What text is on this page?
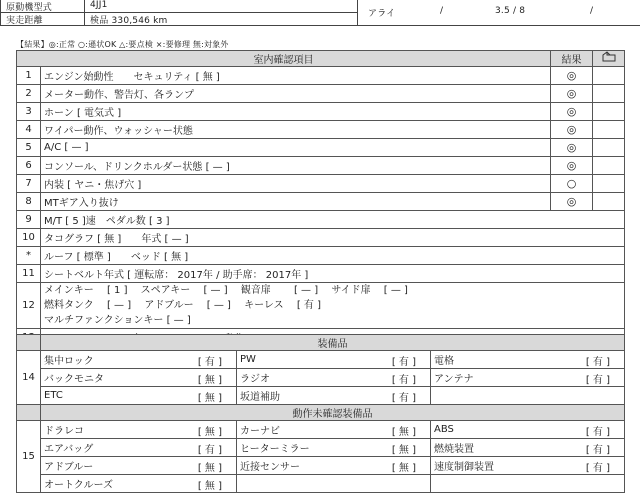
原動機型式	4JJ1
実走距離	検品 330,546 km
アライ	/	3.5 / 8	/
【結果】◎:正常 ○:遜状OK △:要点検 ×:要修理 無:対象外
室内確認項目		結果	
1	エンジン始動性　　セキュリティ [ 無 ]	◎	
2	メーター動作、警告灯、各ランプ	◎	
3	ホーン [ 電気式 ]	◎	
4	ワイパー動作、ウォッシャー状態	◎	
5	A/C [ — ]	◎	
6	コンソール、ドリンクホルダー状態 [ — ]	◎	
7	内装 [ ヤニ・焦げ穴 ]	○	
8	MTギア入り抜け	◎	
9	M/T [ 5 ]速　ペダル数 [ 3 ]		
10	タコグラフ [ 無 ]　　年式 [ — ]		
*	ルーフ [ 標準 ]　　ベッド [ 無 ]		
11	シートベルト年式 [ 運転席： 2017年 / 助手席： 2017年 ]		
12	メインキー　 [ 1 ]　 スペアキー　 [ — ]　 観音扉　　 [ — ]　 サイド扉　 [ — ]
燃料タンク　 [ — ]　 アドブルー　 [ — ]　 キーレス　 [ 有 ]
マルチファンクションキー [ — ]		

	装備品		
14	集中ロック [ 有 ]	PW [ 有 ]	電格 [ 有 ]

	バックモニタ [ 無 ]	ラジオ [ 有 ]	アンテナ [ 有 ]

	ETC [ 無 ]	坂道補助 [ 有 ]	

	動作未確認装備品		
15	ドラレコ [ 無 ]	カーナビ [ 無 ]	ABS [ 有 ]

	エアバッグ [ 有 ]	ヒーターミラー [ 無 ]	燃焼装置 [ 有 ]

	アドブルー [ 無 ]	近接センサー [ 無 ]	速度制御装置 [ 有 ]

	オートクルーズ [ 無 ]		
